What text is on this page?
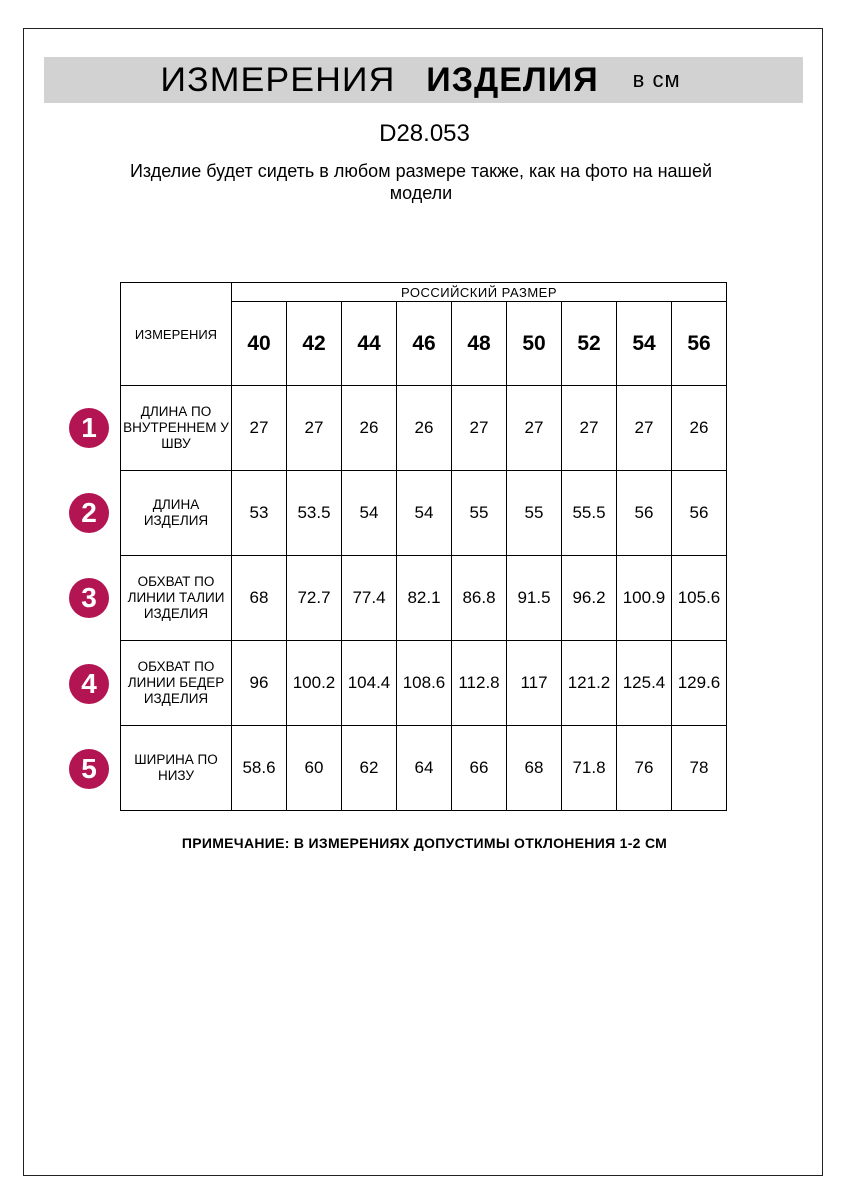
ИЗМЕРЕНИЯ ИЗДЕЛИЯ в см
D28.053
Изделие будет сидеть в любом размере также, как на фото на нашей модели
ИЗМЕРЕНИЯ	РОССИЙСКИЙ РАЗМЕР								
	40	42	44	46	48	50	52	54	56
ДЛИНА ПО ВНУТРЕННЕМ У ШВУ	27	27	26	26	27	27	27	27	26
ДЛИНА ИЗДЕЛИЯ	53	53.5	54	54	55	55	55.5	56	56
ОБХВАТ ПО ЛИНИИ ТАЛИИ ИЗДЕЛИЯ	68	72.7	77.4	82.1	86.8	91.5	96.2	100.9	105.6
ОБХВАТ ПО ЛИНИИ БЕДЕР ИЗДЕЛИЯ	96	100.2	104.4	108.6	112.8	117	121.2	125.4	129.6
ШИРИНА ПО НИЗУ	58.6	60	62	64	66	68	71.8	76	78
1
2
3
4
5
ПРИМЕЧАНИЕ: В ИЗМЕРЕНИЯХ ДОПУСТИМЫ ОТКЛОНЕНИЯ 1-2 СМ
